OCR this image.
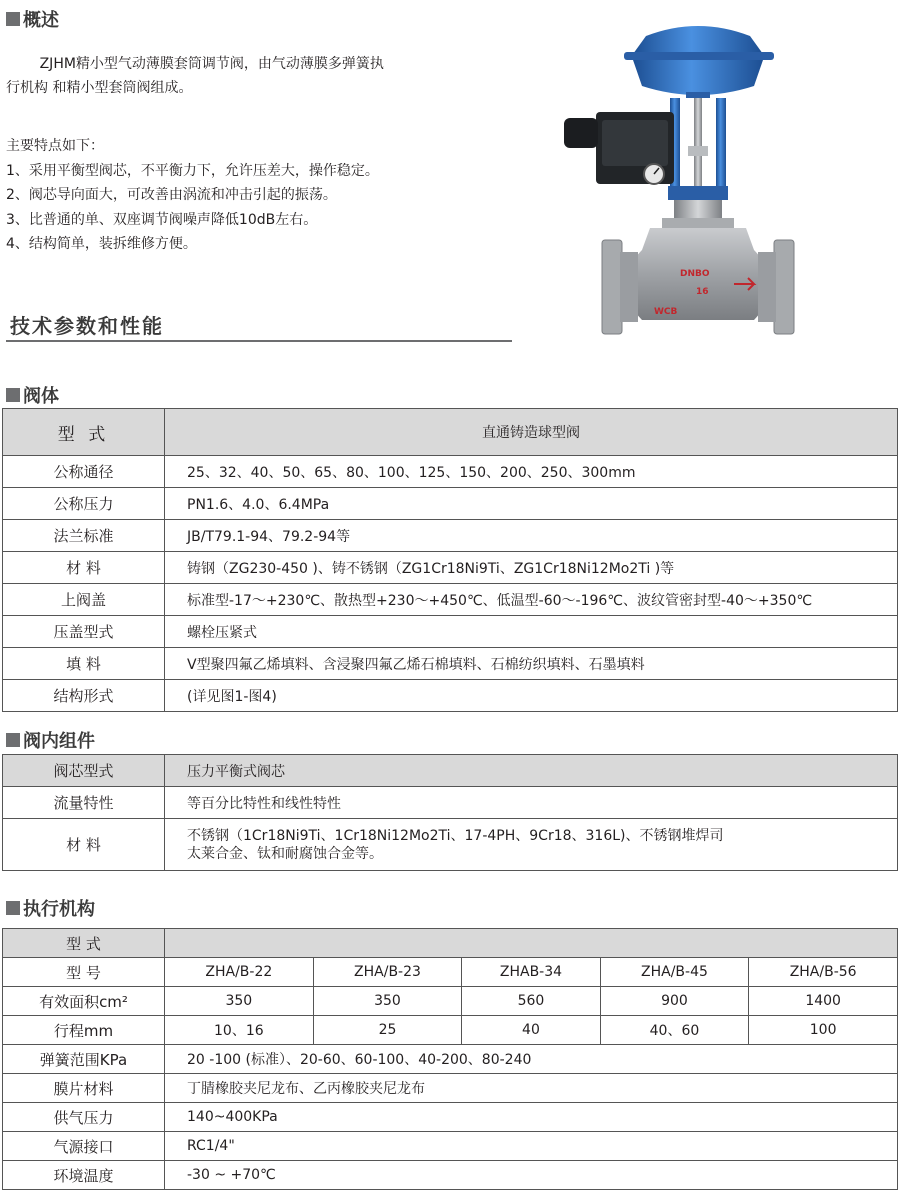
概述

ZJHM精小型气动薄膜套筒调节阀，由气动薄膜多弹簧执

行机构 和精小型套筒阀组成。

主要特点如下：

1、采用平衡型阀芯，不平衡力下，允许压差大，操作稳定。

2、阀芯导向面大，可改善由涡流和冲击引起的振荡。

3、比普通的单、双座调节阀噪声降低10dB左右。

4、结构简单，装拆维修方便。

DNBO
16
WCB
技术参数和性能
阀体
型 式	直通铸造球型阀
公称通径	25、32、40、50、65、80、100、125、150、200、250、300mm
公称压力	PN1.6、4.0、6.4MPa
法兰标准	JB/T79.1-94、79.2-94等
材 料	铸钢（ZG230-450 )、铸不锈钢（ZG1Cr18Ni9Ti、ZG1Cr18Ni12Mo2Ti )等
上阀盖	标准型-17～+230℃、散热型+230～+450℃、低温型-60～-196℃、波纹管密封型-40～+350℃
压盖型式	螺栓压紧式
填 料	V型聚四氟乙烯填料、含浸聚四氟乙烯石棉填料、石棉纺织填料、石墨填料
结构形式	(详见图1-图4)
阀内组件
阀芯型式	压力平衡式阀芯
流量特性	等百分比特性和线性特性
材 料	不锈钢（1Cr18Ni9Ti、1Cr18Ni12Mo2Ti、17-4PH、9Cr18、316L)、不锈钢堆焊司
太莱合金、钛和耐腐蚀合金等。
执行机构
型 式					
型 号	ZHA/B-22	ZHA/B-23	ZHAB-34	ZHA/B-45	ZHA/B-56
有效面积cm²	350	350	560	900	1400
行程mm	10、16	25	40	40、60	100
弹簧范围KPa	20 -100 (标准）、20-60、60-100、40-200、80-240				
膜片材料	丁腈橡胶夹尼龙布、乙丙橡胶夹尼龙布				
供气压力	140~400KPa				
气源接口	RC1/4"				
环境温度	-30 ~ +70℃				
